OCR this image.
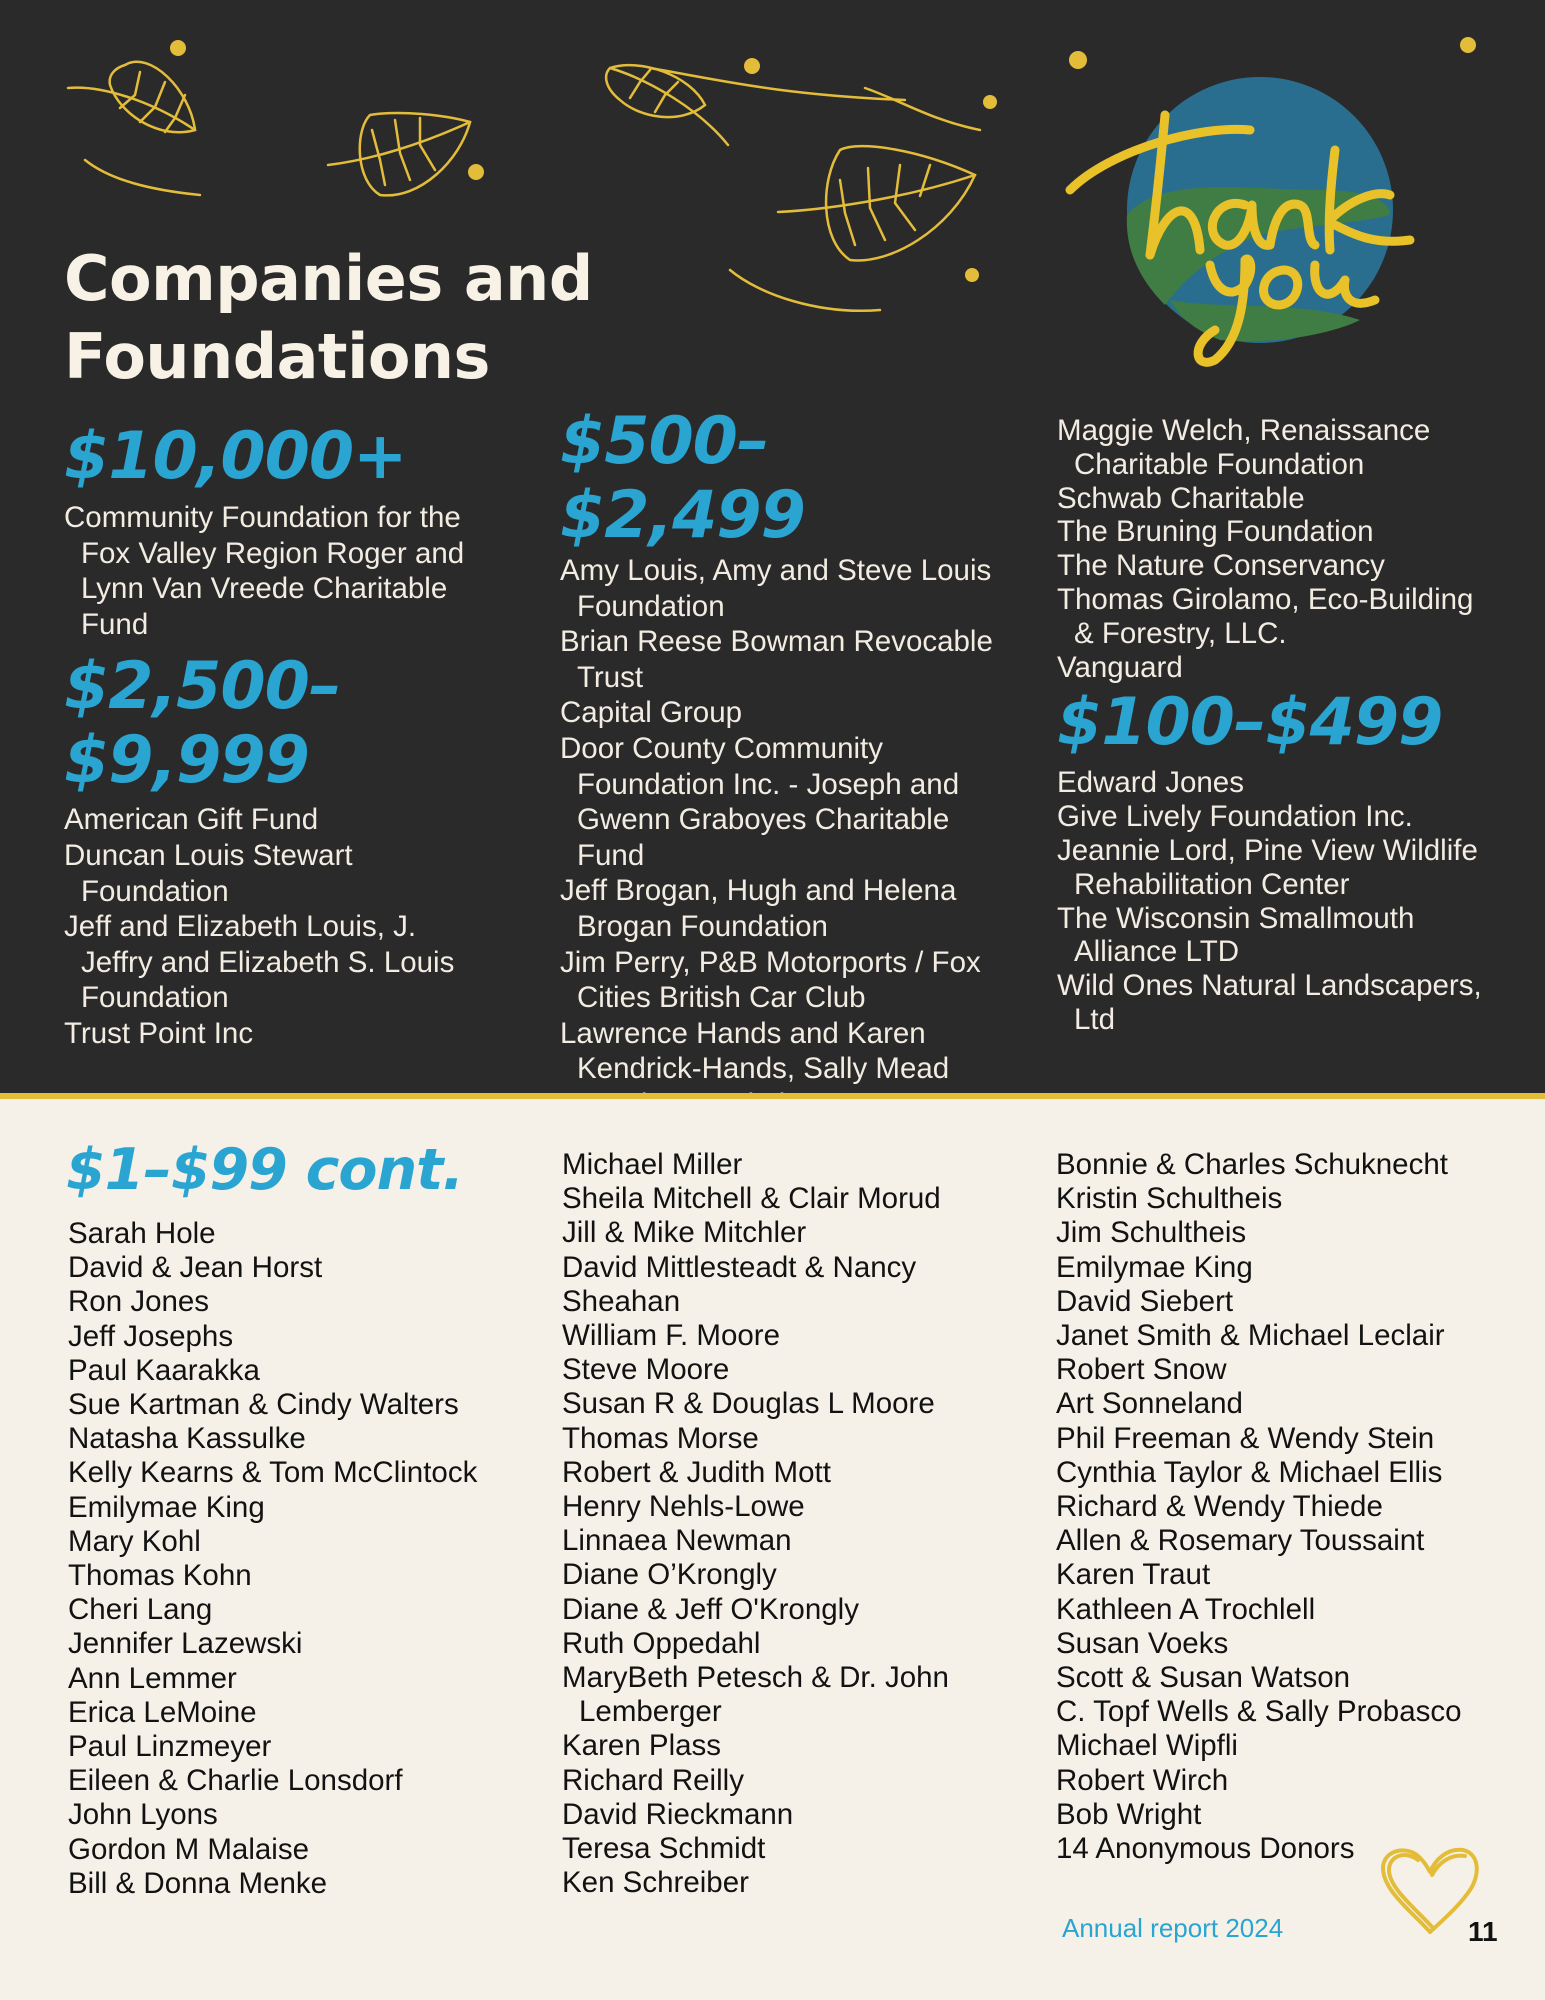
Companies and
Foundations
$10,000+
Community Foundation for the Fox Valley Region Roger and Lynn Van Vreede Charitable Fund
$2,500–$9,999
American Gift Fund
Duncan Louis Stewart Foundation
Jeff and Elizabeth Louis, J. Jeffry and Elizabeth S. Louis Foundation
Trust Point Inc
$500–$2,499
Amy Louis, Amy and Steve Louis Foundation
Brian Reese Bowman Revocable Trust
Capital Group
Door County Community Foundation Inc. - Joseph and Gwenn Graboyes Charitable Fund
Jeff Brogan, Hugh and Helena Brogan Foundation
Jim Perry, P&B Motorports / Fox Cities British Car Club
Lawrence Hands and Karen Kendrick-Hands, Sally Mead
Maggie Welch, Renaissance Charitable Foundation
Schwab Charitable
The Bruning Foundation
The Nature Conservancy
Thomas Girolamo, Eco-Building & Forestry, LLC.
Vanguard
$100–$499
Edward Jones
Give Lively Foundation Inc.
Jeannie Lord, Pine View Wildlife Rehabilitation Center
The Wisconsin Smallmouth Alliance LTD
Wild Ones Natural Landscapers, Ltd
$1–$99 cont.
Sarah Hole
David & Jean Horst
Ron Jones
Jeff Josephs
Paul Kaarakka
Sue Kartman & Cindy Walters
Natasha Kassulke
Kelly Kearns & Tom McClintock
Emilymae King
Mary Kohl
Thomas Kohn
Cheri Lang
Jennifer Lazewski
Ann Lemmer
Erica LeMoine
Paul Linzmeyer
Eileen & Charlie Lonsdorf
John Lyons
Gordon M Malaise
Bill & Donna Menke
Michael Miller
Sheila Mitchell & Clair Morud
Jill & Mike Mitchler
David Mittlesteadt & Nancy
Sheahan
William F. Moore
Steve Moore
Susan R & Douglas L Moore
Thomas Morse
Robert & Judith Mott
Henry Nehls-Lowe
Linnaea Newman
Diane O’Krongly
Diane & Jeff O'Krongly
Ruth Oppedahl
MaryBeth Petesch & Dr. John Lemberger
Karen Plass
Richard Reilly
David Rieckmann
Teresa Schmidt
Ken Schreiber
Bonnie & Charles Schuknecht
Kristin Schultheis
Jim Schultheis
Emilymae King
David Siebert
Janet Smith & Michael Leclair
Robert Snow
Art Sonneland
Phil Freeman & Wendy Stein
Cynthia Taylor & Michael Ellis
Richard & Wendy Thiede
Allen & Rosemary Toussaint
Karen Traut
Kathleen A Trochlell
Susan Voeks
Scott & Susan Watson
C. Topf Wells & Sally Probasco
Michael Wipfli
Robert Wirch
Bob Wright
14 Anonymous Donors
Annual report 2024	11
